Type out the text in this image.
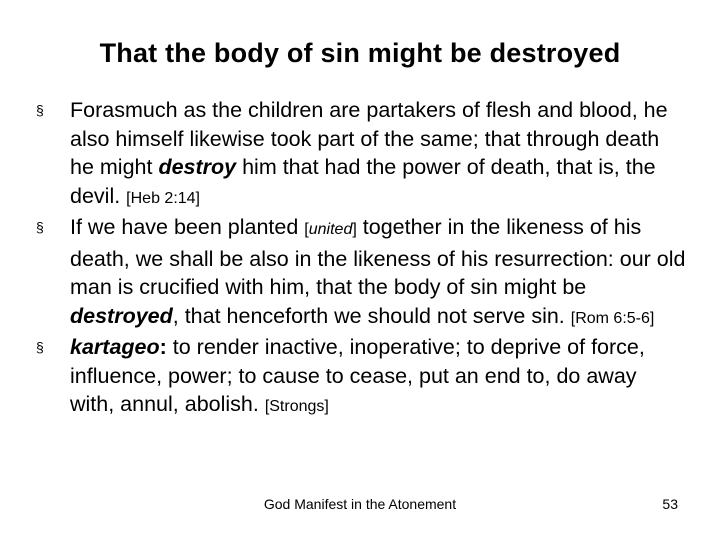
That the body of sin might be destroyed
§ Forasmuch as the children are partakers of flesh and blood, he also himself likewise took part of the same; that through death he might destroy him that had the power of death, that is, the devil. [Heb 2:14]
§ If we have been planted [united] together in the likeness of his death, we shall be also in the likeness of his resurrection: our old man is crucified with him, that the body of sin might be destroyed, that henceforth we should not serve sin. [Rom 6:5-6]
§ kartageo: to render inactive, inoperative; to deprive of force, influence, power; to cause to cease, put an end to, do away with, annul, abolish. [Strongs]
God Manifest in the Atonement	53
